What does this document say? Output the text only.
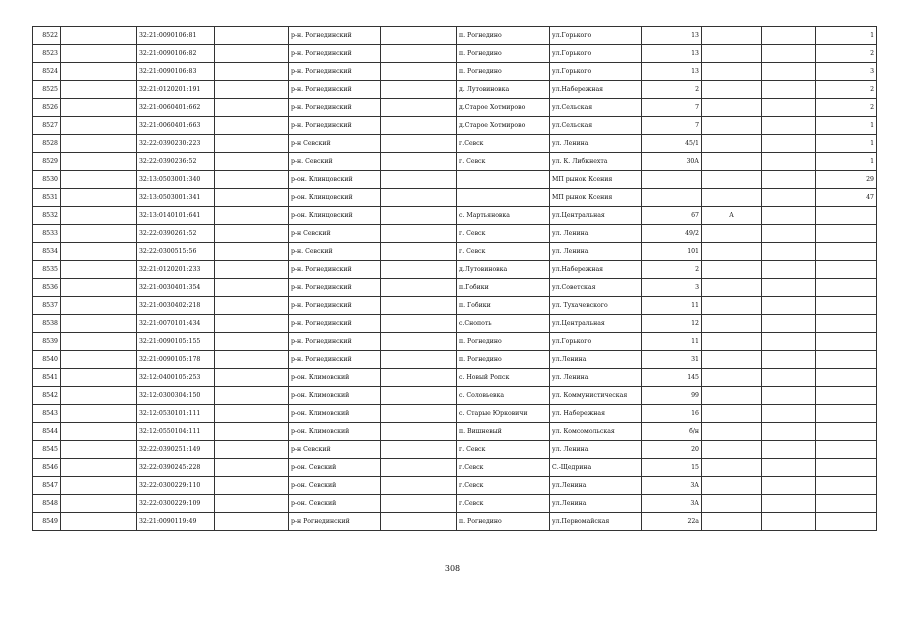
8522		32:21:0090106:81		р-н. Рогнединский		п. Рогнедино	ул.Горького	13			1
8523		32:21:0090106:82		р-н. Рогнединский		п. Рогнедино	ул.Горького	13			2
8524		32:21:0090106:83		р-н. Рогнединский		п. Рогнедино	ул.Горького	13			3
8525		32:21:0120201:191		р-н. Рогнединский		д. Лутовиновка	ул.Набережная	2			2
8526		32:21:0060401:662		р-н. Рогнединский		д.Старое Хотмирово	ул.Сельская	7			2
8527		32:21:0060401:663		р-н. Рогнединский		д.Старое Хотмирово	ул.Сельская	7			1
8528		32:22:0390230:223		р-н Севский		г.Севск	ул. Ленина	45/1			1
8529		32:22:0390236:52		р-н. Севский		г. Севск	ул. К. Либкнехта	30А			1
8530		32:13:0503001:340		р-он. Клинцовский			МП рынок Ксения				29
8531		32:13:0503001:341		р-он. Клинцовский			МП рынок Ксения				47
8532		32:13:0140101:641		р-он. Клинцовский		с. Мартьяновка	ул.Центральная	67	А		
8533		32:22:0390261:52		р-н Севский		г. Севск	ул. Ленина	49/2			
8534		32:22:0300515:56		р-н. Севский		г. Севск	ул. Ленина	101			
8535		32:21:0120201:233		р-н. Рогнединский		д.Лутовиновка	ул.Набережная	2			
8536		32:21:0030401:354		р-н. Рогнединский		п.Гобики	ул.Советская	3			
8537		32:21:0030402:218		р-н. Рогнединский		п. Гобики	ул. Тухачевского	11			
8538		32:21:0070101:434		р-н. Рогнединский		с.Снопоть	ул.Центральная	12			
8539		32:21:0090105:155		р-н. Рогнединский		п. Рогнедино	ул.Горького	11			
8540		32:21:0090105:178		р-н. Рогнединский		п. Рогнедино	ул.Ленина	31			
8541		32:12:0400105:253		р-он. Климовский		с. Новый Ропск	ул. Ленина	145			
8542		32:12:0300304:150		р-он. Климовский		с. Соловьевка	ул. Коммунистическая	99			
8543		32:12:0530101:111		р-он. Климовский		с. Старые Юрковичи	ул. Набережная	16			
8544		32:12:0550104:111		р-он. Климовский		п. Вишневый	ул. Комсомольская	б/н			
8545		32:22:0390251:149		р-н Севский		г. Севск	ул. Ленина	20			
8546		32:22:0390245:228		р-он. Севский		г.Севск	С.-Щедрина	15			
8547		32:22:0300229:110		р-он. Севский		г.Севск	ул.Ленина	3А			
8548		32:22:0300229:109		р-он. Севский		г.Севск	ул.Ленина	3А			
8549		32:21:0090119:49		р-н Рогнединский		п. Рогнедино	ул.Первомайская	22а			
308
